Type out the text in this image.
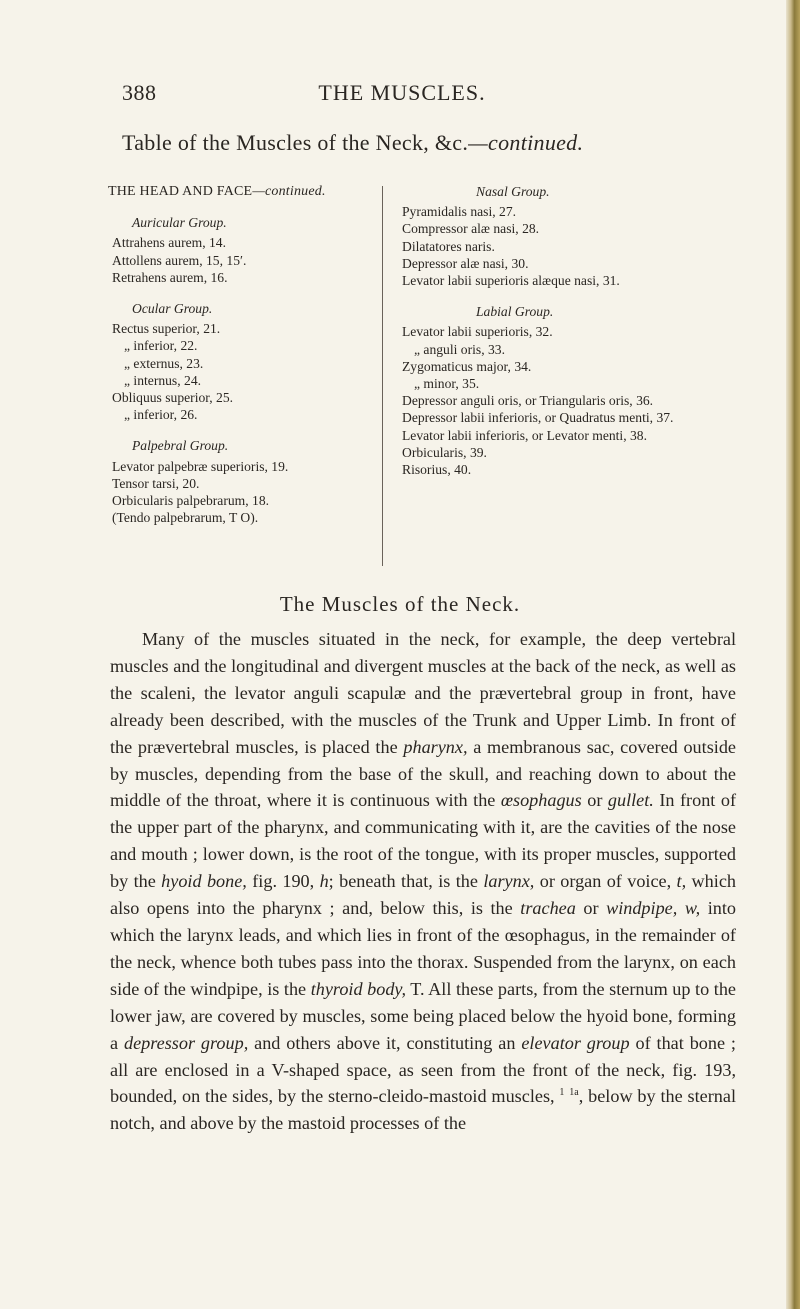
388	THE MUSCLES.
Table of the Muscles of the Neck, &c.—continued.
THE HEAD AND FACE—continued.
Auricular Group.
Attrahens aurem, 14.
Attollens aurem, 15, 15′.
Retrahens aurem, 16.
Ocular Group.
Rectus superior, 21.
„ inferior, 22.
„ externus, 23.
„ internus, 24.
Obliquus superior, 25.
„ inferior, 26.
Palpebral Group.
Levator palpebræ superioris, 19.
Tensor tarsi, 20.
Orbicularis palpebrarum, 18.
(Tendo palpebrarum, T O).
Nasal Group.
Pyramidalis nasi, 27.
Compressor alæ nasi, 28.
Dilatatores naris.
Depressor alæ nasi, 30.
Levator labii superioris alæque nasi, 31.
Labial Group.
Levator labii superioris, 32.
„ anguli oris, 33.
Zygomaticus major, 34.
„ minor, 35.
Depressor anguli oris, or Triangularis oris, 36.
Depressor labii inferioris, or Quadratus menti, 37.
Levator labii inferioris, or Levator menti, 38.
Orbicularis, 39.
Risorius, 40.
The Muscles of the Neck.
Many of the muscles situated in the neck, for example, the deep vertebral muscles and the longitudinal and divergent muscles at the back of the neck, as well as the scaleni, the levator anguli scapulæ and the prævertebral group in front, have already been described, with the muscles of the Trunk and Upper Limb. In front of the prævertebral muscles, is placed the pharynx, a membranous sac, covered outside by muscles, depending from the base of the skull, and reaching down to about the middle of the throat, where it is continuous with the œsophagus or gullet. In front of the upper part of the pharynx, and communicating with it, are the cavities of the nose and mouth ; lower down, is the root of the tongue, with its proper muscles, supported by the hyoid bone, fig. 190, h; beneath that, is the larynx, or organ of voice, t, which also opens into the pharynx ; and, below this, is the trachea or windpipe, w, into which the larynx leads, and which lies in front of the œsophagus, in the remainder of the neck, whence both tubes pass into the thorax. Suspended from the larynx, on each side of the windpipe, is the thyroid body, T. All these parts, from the sternum up to the lower jaw, are covered by muscles, some being placed below the hyoid bone, forming a depressor group, and others above it, constituting an elevator group of that bone ; all are enclosed in a V-shaped space, as seen from the front of the neck, fig. 193, bounded, on the sides, by the sterno-cleido-mastoid muscles, $^1$ $^{1a}$, below by the sternal notch, and above by the mastoid processes of the
